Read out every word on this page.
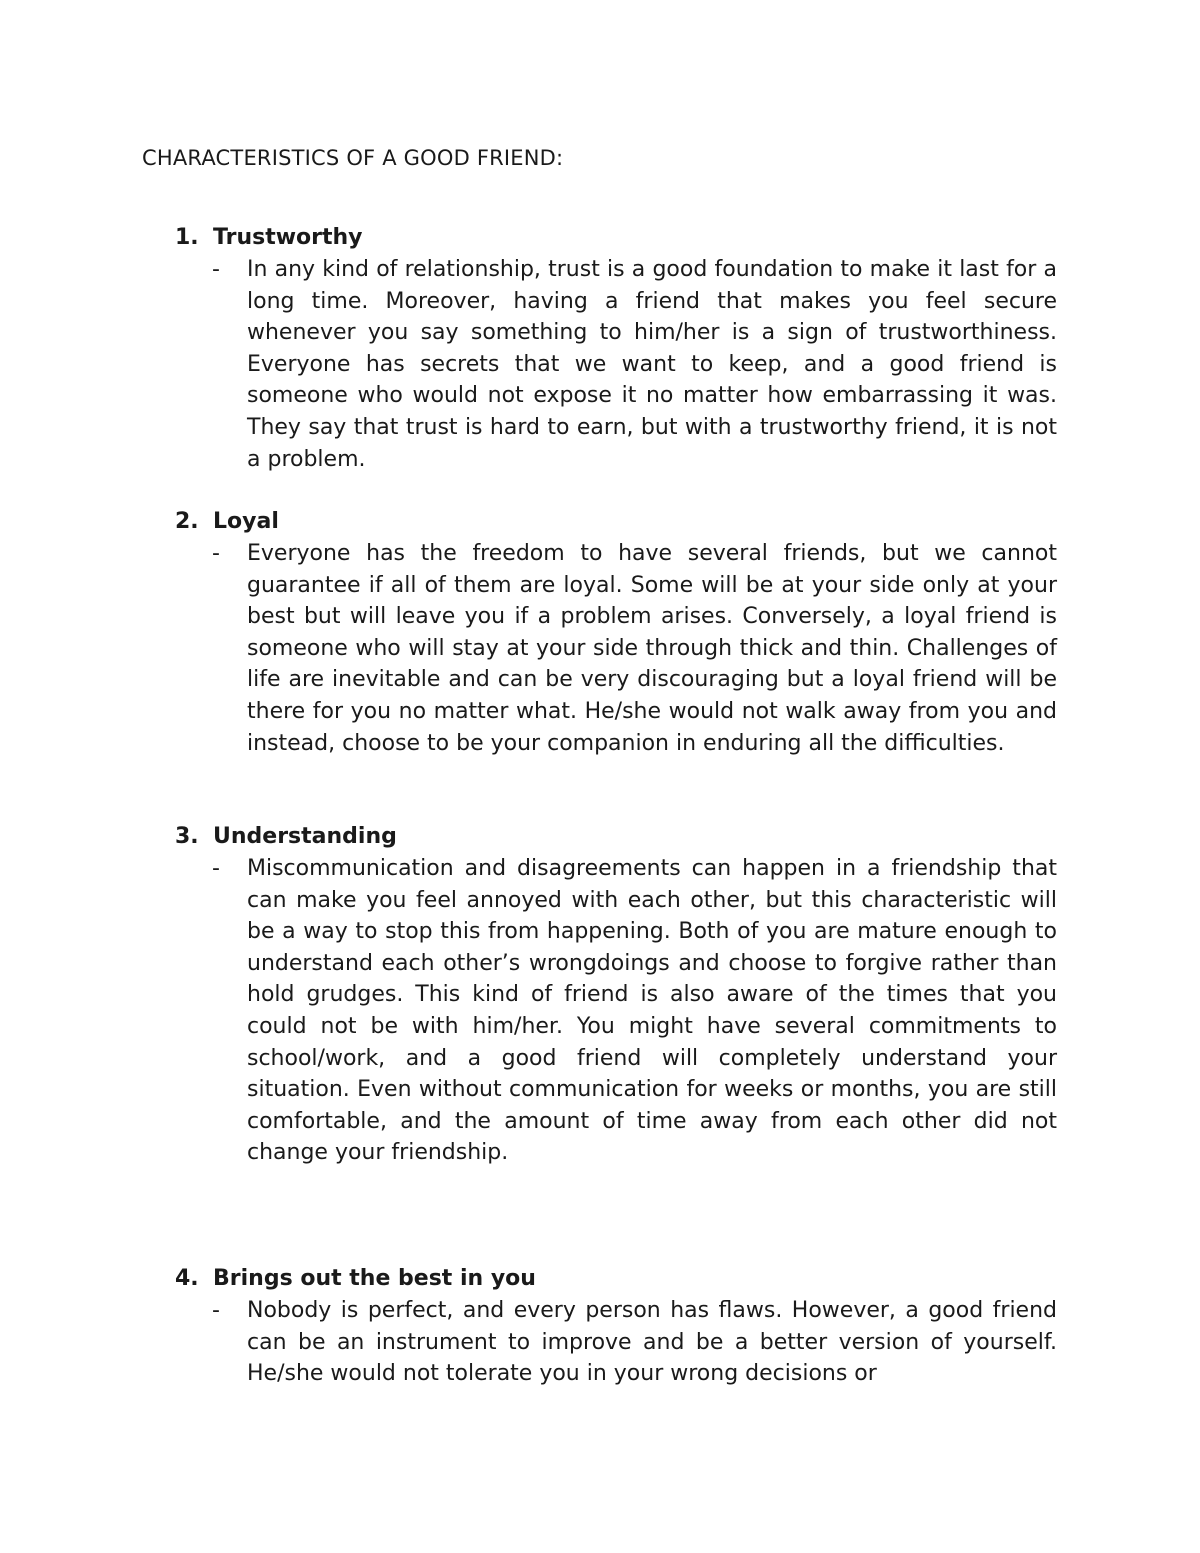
CHARACTERISTICS OF A GOOD FRIEND:
1. Trustworthy
- In any kind of relationship, trust is a good foundation to make it last for a long time. Moreover, having a friend that makes you feel secure whenever you say something to him/her is a sign of trustworthiness. Everyone has secrets that we want to keep, and a good friend is someone who would not expose it no matter how embarrassing it was. They say that trust is hard to earn, but with a trustworthy friend, it is not a problem.

2. Loyal
- Everyone has the freedom to have several friends, but we cannot guarantee if all of them are loyal. Some will be at your side only at your best but will leave you if a problem arises. Conversely, a loyal friend is someone who will stay at your side through thick and thin. Challenges of life are inevitable and can be very discouraging but a loyal friend will be there for you no matter what. He/she would not walk away from you and instead, choose to be your companion in enduring all the difficulties.

3. Understanding
- Miscommunication and disagreements can happen in a friendship that can make you feel annoyed with each other, but this characteristic will be a way to stop this from happening. Both of you are mature enough to understand each other’s wrongdoings and choose to forgive rather than hold grudges. This kind of friend is also aware of the times that you could not be with him/her. You might have several commitments to school/work, and a good friend will completely understand your situation. Even without communication for weeks or months, you are still comfortable, and the amount of time away from each other did not change your friendship.

4. Brings out the best in you
- Nobody is perfect, and every person has flaws. However, a good friend can be an instrument to improve and be a better version of yourself. He/she would not tolerate you in your wrong decisions or
